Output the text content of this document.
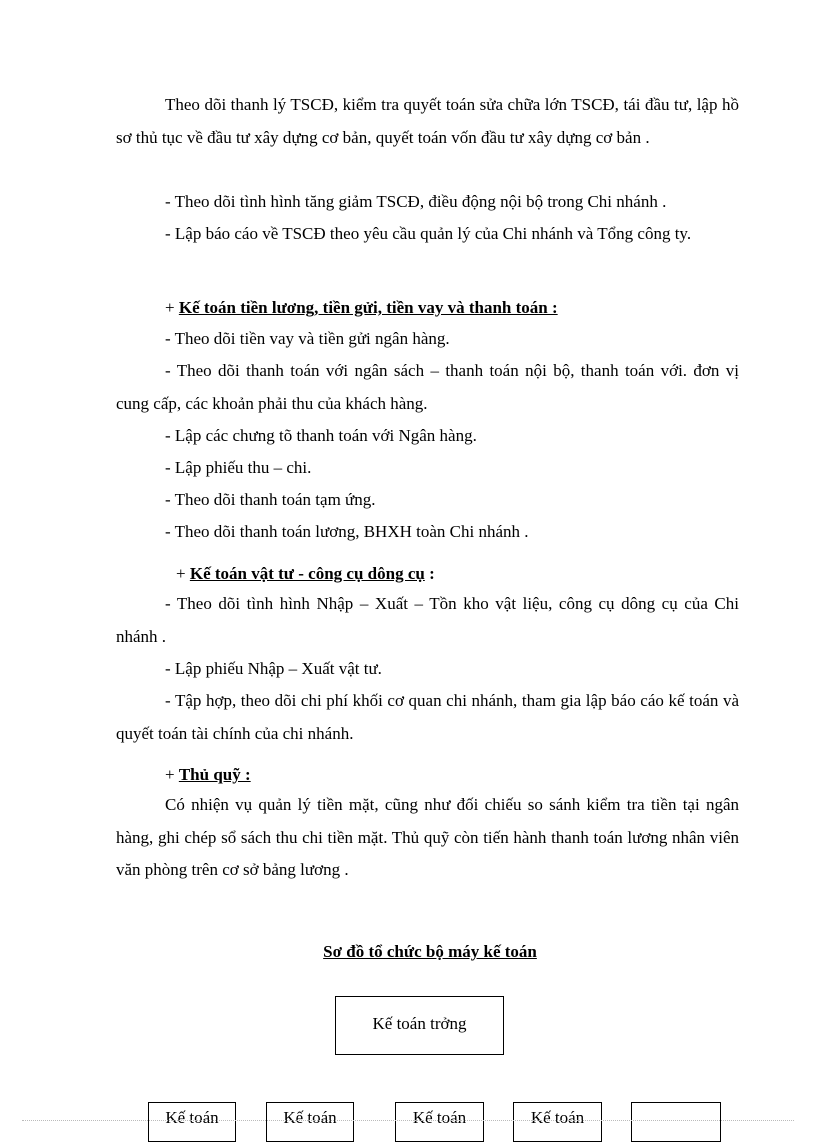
Theo dõi thanh lý TSCĐ, kiểm tra quyết toán sửa chữa lớn TSCĐ, tái đầu tư, lập hồ sơ thủ tục về đầu tư xây dựng cơ bản, quyết toán vốn đầu tư xây dựng cơ bản .

- Theo dõi tình hình tăng giảm TSCĐ, điều động nội bộ trong Chi nhánh .

- Lập báo cáo về TSCĐ theo yêu cầu quản lý của Chi nhánh và Tổng công ty.

+ Kế toán tiền lương, tiền gửi, tiền vay và thanh toán :

- Theo dõi tiền vay và tiền gửi ngân hàng.

- Theo dõi thanh toán với ngân sách – thanh toán nội bộ, thanh toán với. đơn vị cung cấp, các khoản phải thu của khách hàng.

- Lập các chưng tõ thanh toán với Ngân hàng.

- Lập phiếu thu – chi.

- Theo dõi thanh toán tạm ứng.

- Theo dõi thanh toán lương, BHXH toàn Chi nhánh .

+ Kế toán vật tư - công cụ dông cụ :

- Theo dõi tình hình Nhập – Xuất – Tồn kho vật liệu, công cụ dông cụ của Chi nhánh .

- Lập phiếu Nhập – Xuất vật tư.

- Tập hợp, theo dõi chi phí khối cơ quan chi nhánh, tham gia lập báo cáo kế toán và quyết toán tài chính của chi nhánh.

+ Thủ quỹ :

Có nhiện vụ quản lý tiền mặt, cũng như đối chiếu so sánh kiểm tra tiền tại ngân hàng, ghi chép sổ sách thu chi tiền mặt. Thủ quỹ còn tiến hành thanh toán lương nhân viên văn phòng trên cơ sở bảng lương .

Sơ đồ tổ chức bộ máy kế toán

Kế toán trởng
Kế toán	Kế toán	Kế toán	Kế toán
